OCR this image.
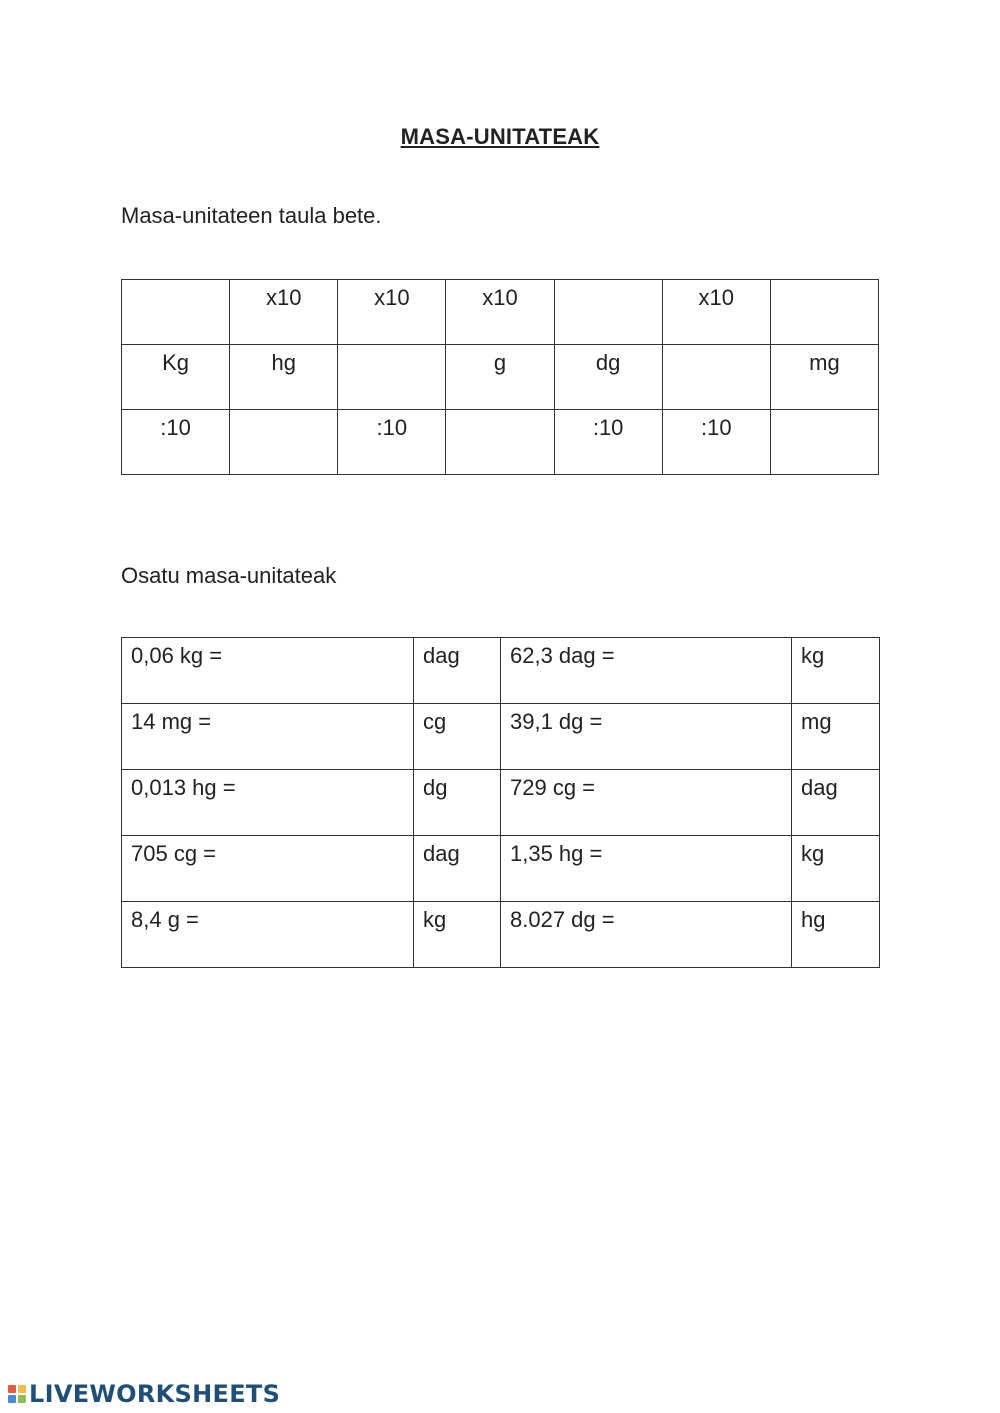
MASA-UNITATEAK
Masa-unitateen taula bete.
	x10	x10	x10		x10	
Kg	hg		g	dg		mg
:10		:10		:10	:10	
Osatu masa-unitateak
0,06 kg =	dag	62,3 dag =	kg
14 mg =	cg	39,1 dg =	mg
0,013 hg =	dg	729 cg =	dag
705 cg =	dag	1,35 hg =	kg
8,4 g =	kg	8.027 dg =	hg
LIVEWORKSHEETS
